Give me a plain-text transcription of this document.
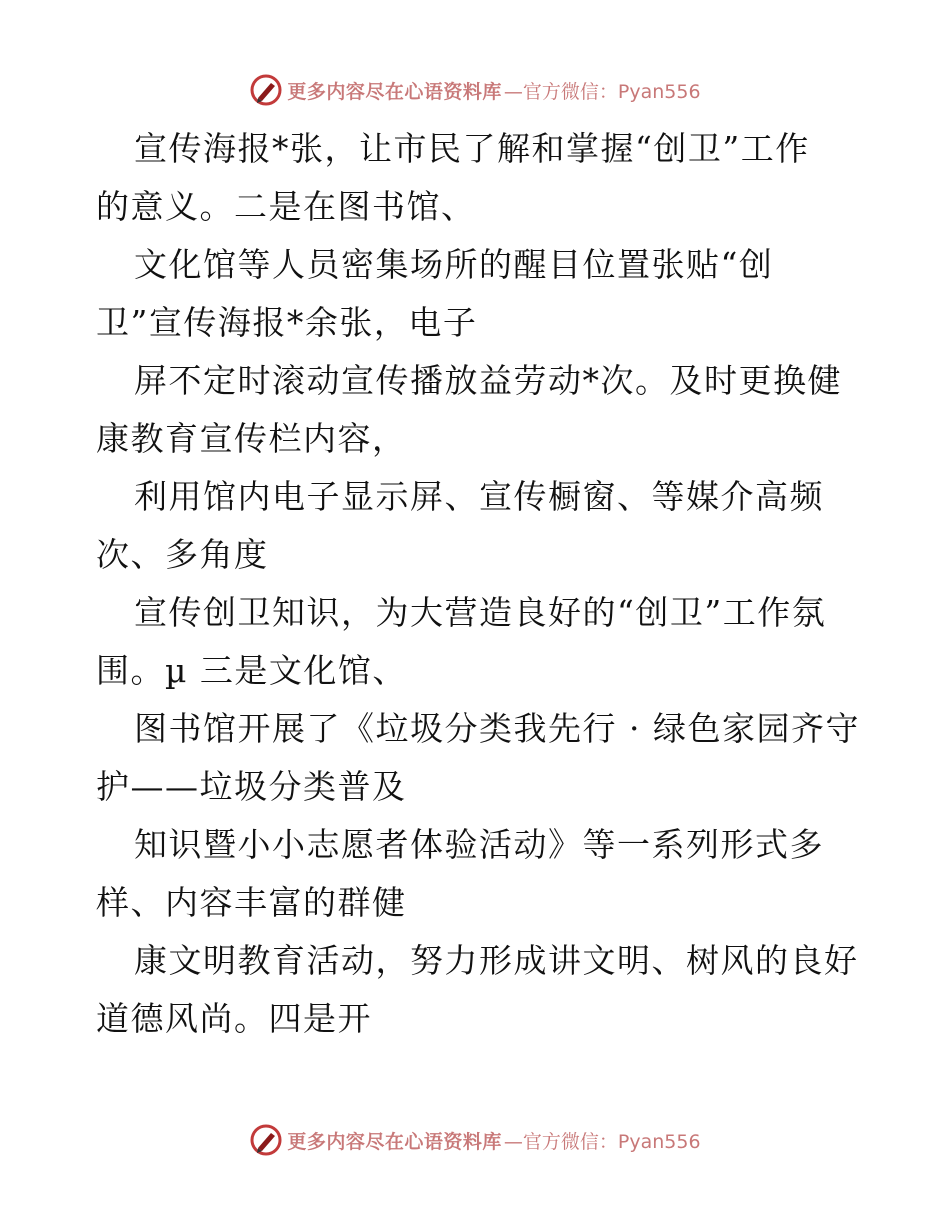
更多内容尽在心语资料库 —官方微信：Pyan556
宣传海报*张，让市民了解和掌握“创卫”工作
的意义。二是在图书馆、
文化馆等人员密集场所的醒目位置张贴“创
卫”宣传海报*余张，电子
屏不定时滚动宣传播放益劳动*次。及时更换健
康教育宣传栏内容，
利用馆内电子显示屏、宣传橱窗、等媒介高频
次、多角度
宣传创卫知识，为大营造良好的“创卫”工作氛
围。µ 三是文化馆、
图书馆开展了《垃圾分类我先行 · 绿色家园齐守
护——垃圾分类普及
知识暨小小志愿者体验活动》等一系列形式多
样、内容丰富的群健
康文明教育活动，努力形成讲文明、树风的良好
道德风尚。四是开
更多内容尽在心语资料库 —官方微信：Pyan556
